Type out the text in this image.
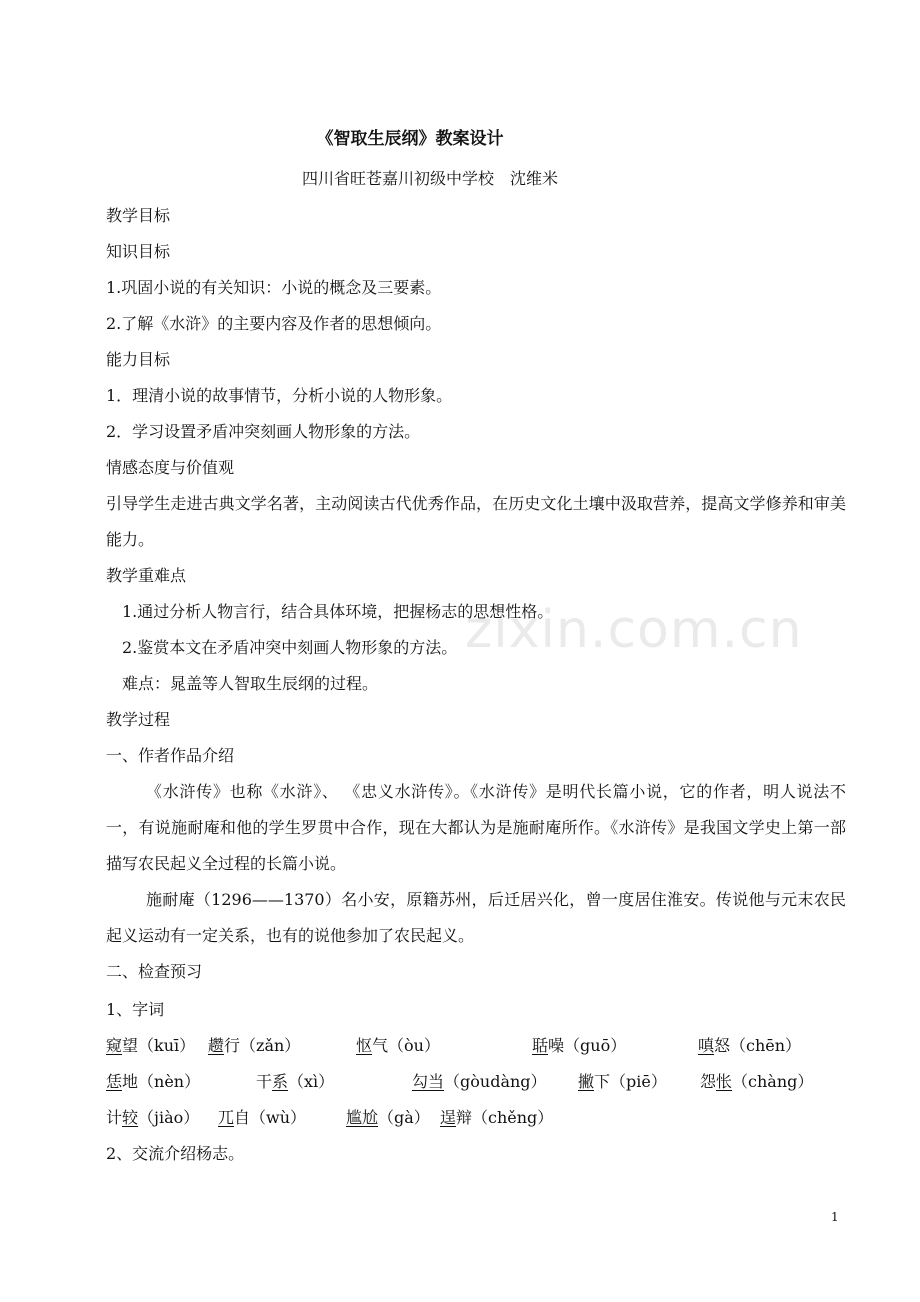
zixin.com.cn
《智取生辰纲》教案设计
四川省旺苍嘉川初级中学校　沈维米
教学目标
知识目标
1.巩固小说的有关知识：小说的概念及三要素。
2.了解《水浒》的主要内容及作者的思想倾向。
能力目标
1．理清小说的故事情节，分析小说的人物形象。
2．学习设置矛盾冲突刻画人物形象的方法。
情感态度与价值观
引导学生走进古典文学名著，主动阅读古代优秀作品，在历史文化土壤中汲取营养，提高文学修养和审美能力。
教学重难点
1.通过分析人物言行，结合具体环境，把握杨志的思想性格。
2.鉴赏本文在矛盾冲突中刻画人物形象的方法。
难点：晁盖等人智取生辰纲的过程。
教学过程
一、作者作品介绍
《水浒传》也称《水浒》、 《忠义水浒传》。《水浒传》是明代长篇小说，它的作者，明人说法不一，有说施耐庵和他的学生罗贯中合作，现在大都认为是施耐庵所作。《水浒传》是我国文学史上第一部描写农民起义全过程的长篇小说。
施耐庵（1296——1370）名小安，原籍苏州，后迁居兴化，曾一度居住淮安。传说他与元末农民起义运动有一定关系，也有的说他参加了农民起义。
二、检查预习
1、字词
窥望（kuī） 趱行（zǎn）	怄气（òu）	聒噪（guō）	嗔怒（chēn）
恁地（nèn）	干系（xì）	勾当（gòudàng） 撇下（piē） 怨怅（chàng）
计较（jiào） 兀自（wù） 尴尬（gà） 逞辩（chěng）
2、交流介绍杨志。
1
